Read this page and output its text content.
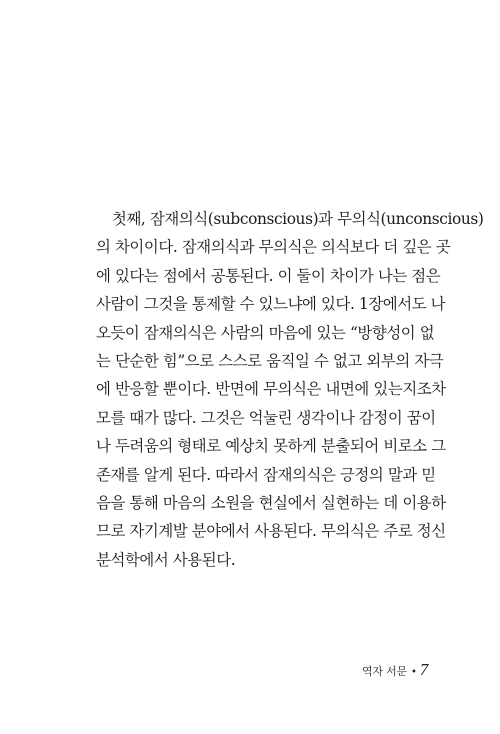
첫째, 잠재의식(subconscious)과 무의식(unconscious)
의 차이이다. 잠재의식과 무의식은 의식보다 더 깊은 곳
에 있다는 점에서 공통된다. 이 둘이 차이가 나는 점은
사람이 그것을 통제할 수 있느냐에 있다. 1장에서도 나
오듯이 잠재의식은 사람의 마음에 있는 “방향성이 없
는 단순한 힘”으로 스스로 움직일 수 없고 외부의 자극
에 반응할 뿐이다. 반면에 무의식은 내면에 있는지조차
모를 때가 많다. 그것은 억눌린 생각이나 감정이 꿈이
나 두려움의 형태로 예상치 못하게 분출되어 비로소 그
존재를 알게 된다. 따라서 잠재의식은 긍정의 말과 믿
음을 통해 마음의 소원을 현실에서 실현하는 데 이용하
므로 자기계발 분야에서 사용된다. 무의식은 주로 정신
분석학에서 사용된다.
역자 서문 • 7
